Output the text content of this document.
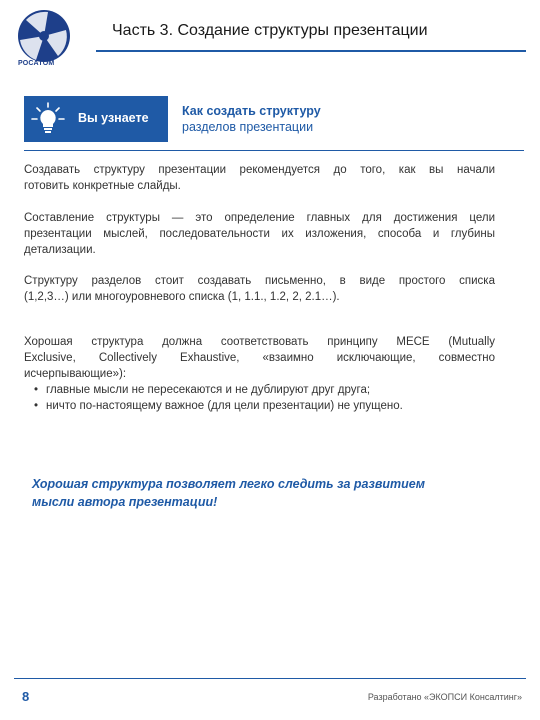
РОСАТОМ
Часть 3. Создание структуры презентации
Вы узнаете	Как создать структуру
разделов презентации
Создавать структуру презентации рекомендуется до того, как вы начали
готовить конкретные слайды.
Составление структуры — это определение главных для достижения цели
презентации мыслей, последовательности их изложения, способа и глубины
детализации.
Структуру разделов стоит создавать письменно, в виде простого списка
(1,2,3…) или многоуровневого списка (1, 1.1., 1.2, 2, 2.1…).
Хорошая структура должна соответствовать принципу MECE (Mutually
Exclusive, Collectively Exhaustive, «взаимно исключающие, совместно
исчерпывающие»):
• главные мысли не пересекаются и не дублируют друг друга;
• ничто по-настоящему важное (для цели презентации) не упущено.
Хорошая структура позволяет легко следить за развитием
мысли автора презентации!
8	Разработано «ЭКОПСИ Консалтинг»
